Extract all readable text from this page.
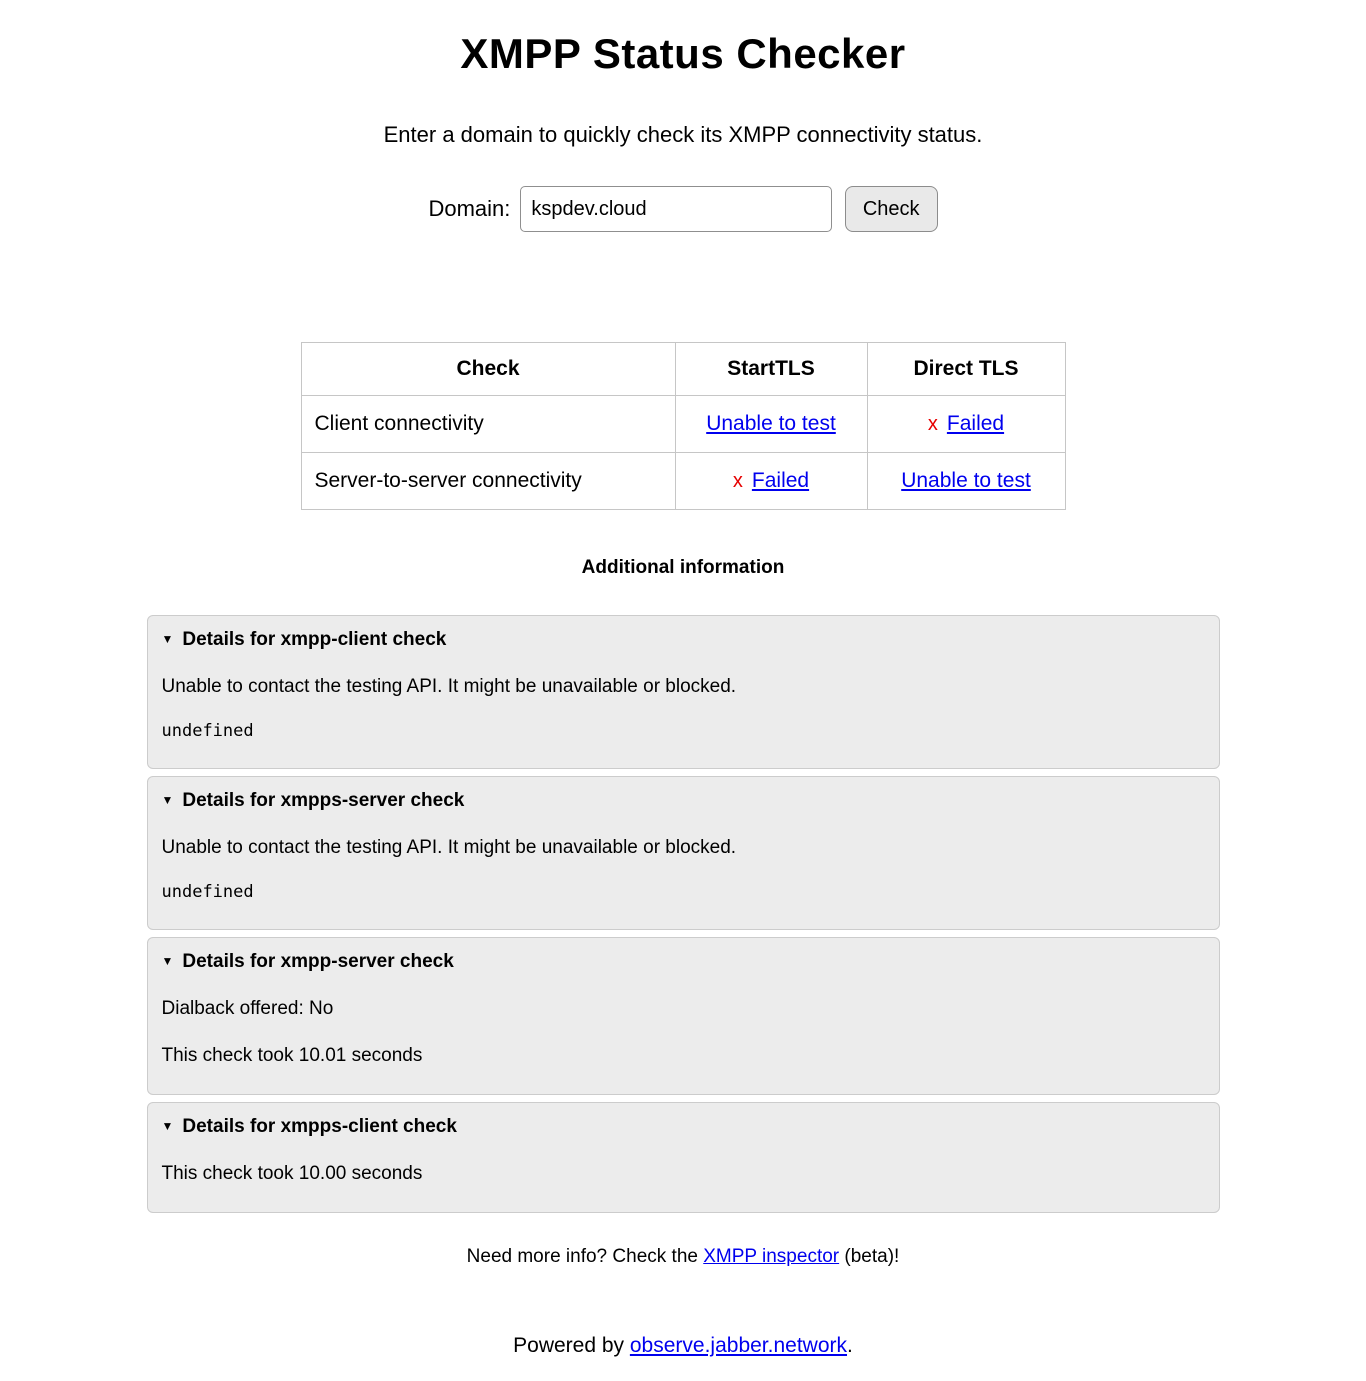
XMPP Status Checker

Enter a domain to quickly check its XMPP connectivity status.

Domain:kspdev.cloud	Check
Check	StartTLS	Direct TLS
Client connectivity	Unable to test	x Failed
Server-to-server connectivity	x Failed	Unable to test

Additional information

▼ Details for xmpp-client check

Unable to contact the testing API. It might be unavailable or blocked.

undefined
▼ Details for xmpps-server check

Unable to contact the testing API. It might be unavailable or blocked.

undefined
▼ Details for xmpp-server check

Dialback offered: No

This check took 10.01 seconds

▼ Details for xmpps-client check

This check took 10.00 seconds

Need more info? Check the XMPP inspector (beta)!

Powered by observe.jabber.network.
